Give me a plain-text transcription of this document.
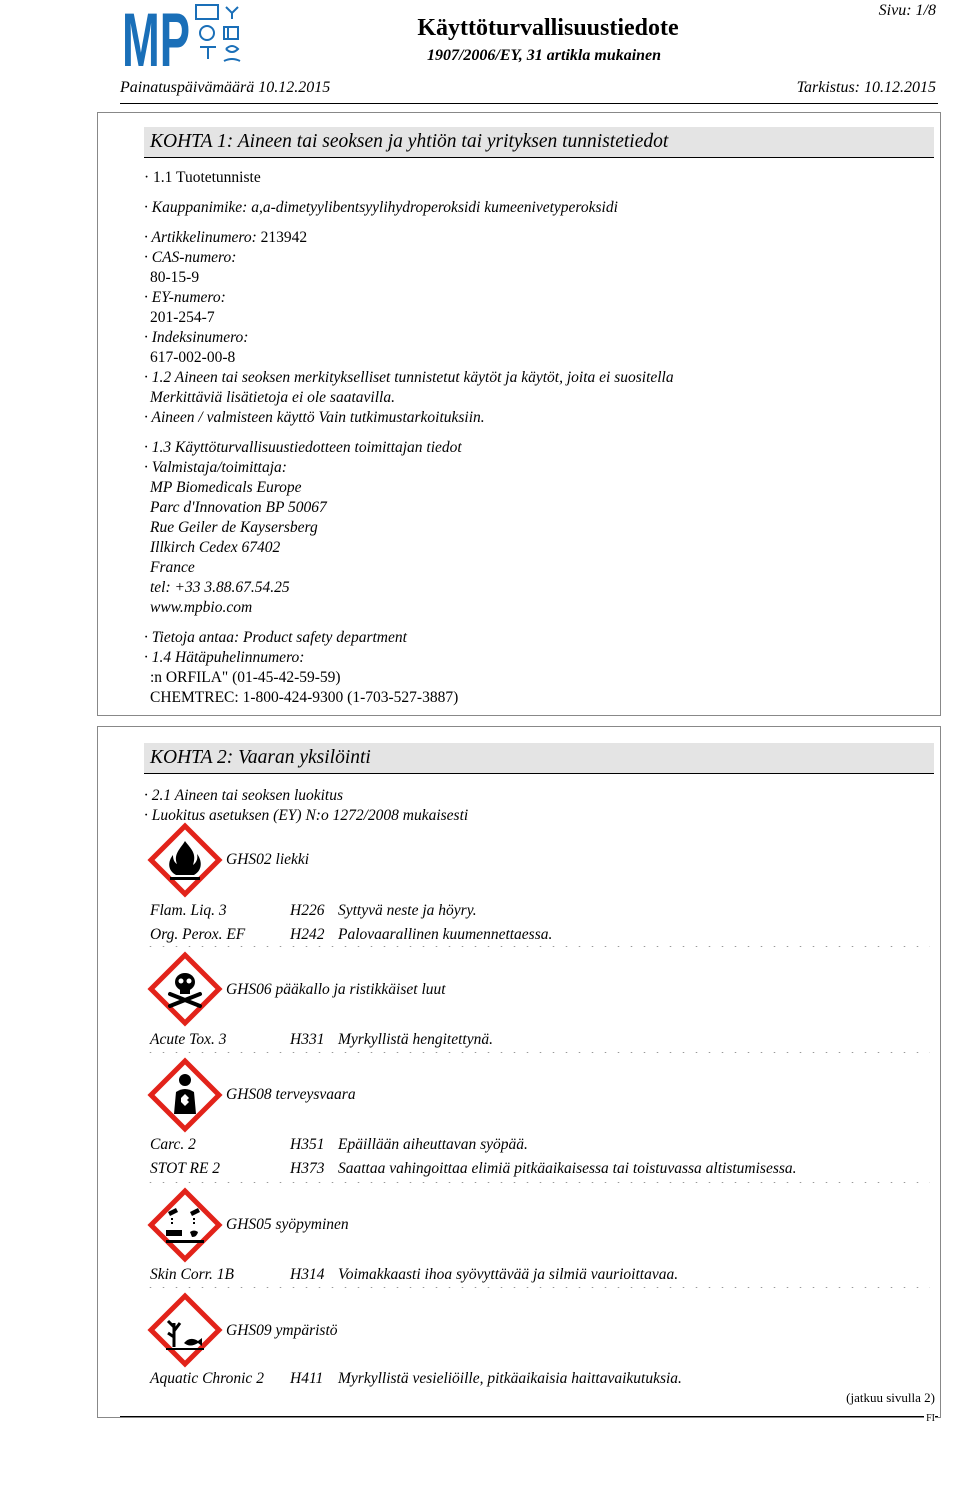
MP	Käyttöturvallisuustiedote
1907/2006/EY, 31 artikla mukainen
Sivu: 1/8
Painatuspäivämäärä 10.12.2015	Tarkistus: 10.12.2015
KOHTA 1: Aineen tai seoksen ja yhtiön tai yrityksen tunnistetiedot
· 1.1 Tuotetunniste
· Kauppanimike: a,a-dimetyylibentsyylihydroperoksidi kumeenivetyperoksidi
· Artikkelinumero: 213942
· CAS-numero:
80-15-9
· EY-numero:
201-254-7
· Indeksinumero:
617-002-00-8
· 1.2 Aineen tai seoksen merkitykselliset tunnistetut käytöt ja käytöt, joita ei suositella
Merkittäviä lisätietoja ei ole saatavilla.
· Aineen / valmisteen käyttö Vain tutkimustarkoituksiin.
· 1.3 Käyttöturvallisuustiedotteen toimittajan tiedot
· Valmistaja/toimittaja:
MP Biomedicals Europe
Parc d'Innovation BP 50067
Rue Geiler de Kaysersberg
Illkirch Cedex 67402
France
tel: +33 3.88.67.54.25
www.mpbio.com
· Tietoja antaa: Product safety department
· 1.4 Hätäpuhelinnumero:
:n ORFILA" (01-45-42-59-59)
CHEMTREC: 1-800-424-9300 (1-703-527-3887)
KOHTA 2: Vaaran yksilöinti
· 2.1 Aineen tai seoksen luokitus
· Luokitus asetuksen (EY) N:o 1272/2008 mukaisesti
GHS02 liekki
Flam. Liq. 3	H226 Syttyvä neste ja höyry.
Org. Perox. EF	H242 Palovaarallinen kuumennettaessa.
GHS06 pääkallo ja ristikkäiset luut
Acute Tox. 3	H331 Myrkyllistä hengitettynä.
GHS08 terveysvaara
Carc. 2	H351 Epäillään aiheuttavan syöpää.
STOT RE 2	H373 Saattaa vahingoittaa elimiä pitkäaikaisessa tai toistuvassa altistumisessa.
GHS05 syöpyminen
Skin Corr. 1B	H314 Voimakkaasti ihoa syövyttävää ja silmiä vaurioittavaa.
GHS09 ympäristö
Aquatic Chronic 2 H411 Myrkyllistä vesieliöille, pitkäaikaisia haittavaikutuksia.
(jatkuu sivulla 2)
FI
